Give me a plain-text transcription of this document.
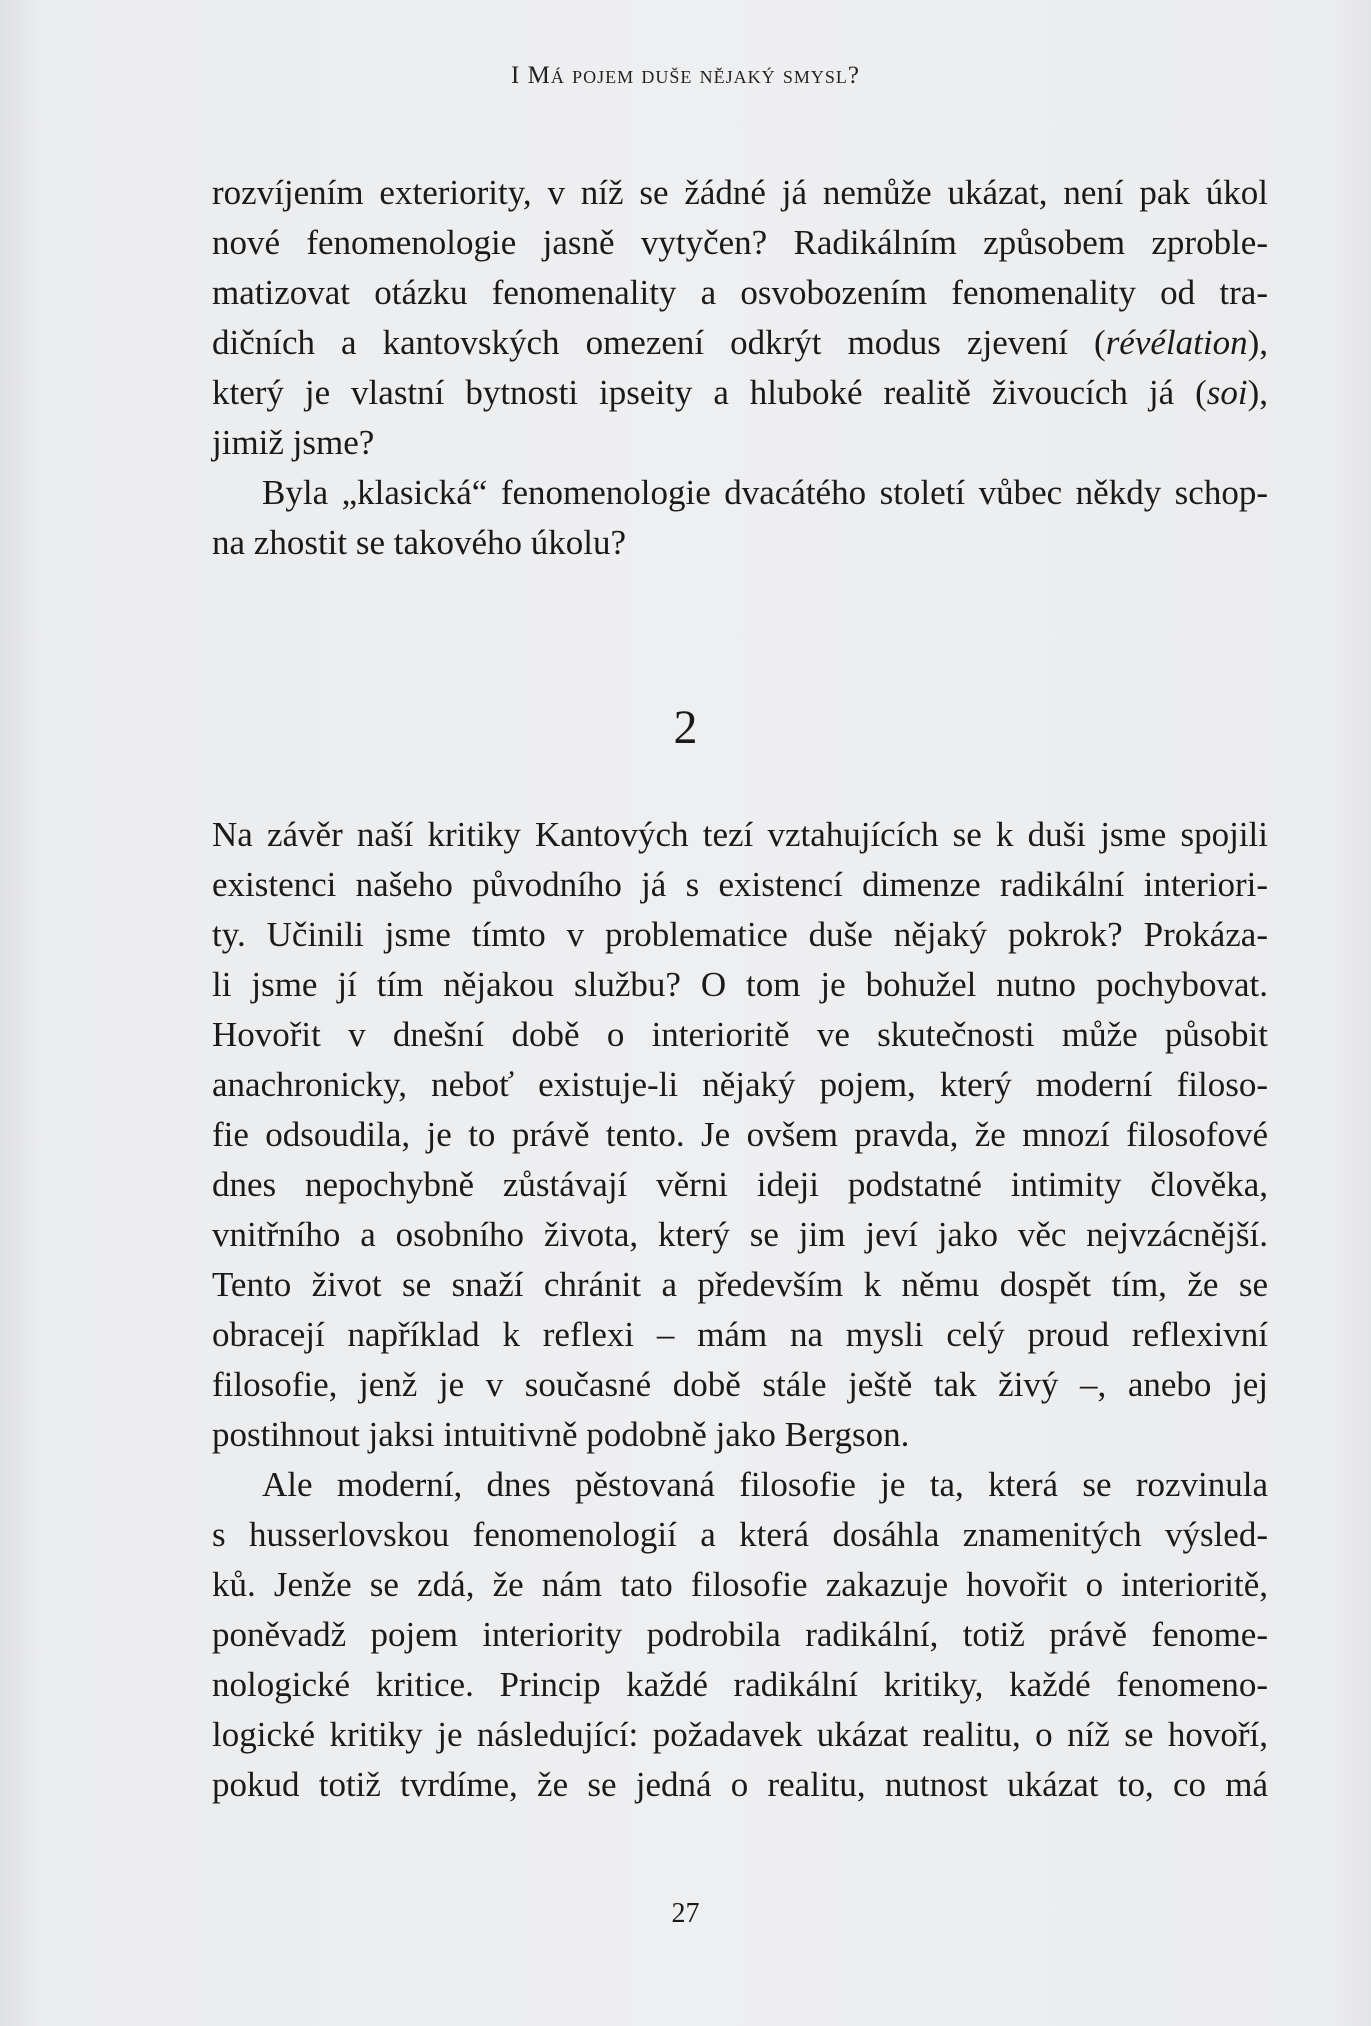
I Má pojem duše nějaký smysl?

rozvíjením exteriority, v níž se žádné já nemůže ukázat, není pak úkol

nové fenomenologie jasně vytyčen? Radikálním způsobem zproble-

matizovat otázku fenomenality a osvobozením fenomenality od tra-

dičních a kantovských omezení odkrýt modus zjevení (révélation),

který je vlastní bytnosti ipseity a hluboké realitě živoucích já (soi),

jimiž jsme?

Byla „klasická“ fenomenologie dvacátého století vůbec někdy schop-

na zhostit se takového úkolu?

2

Na závěr naší kritiky Kantových tezí vztahujících se k duši jsme spojili

existenci našeho původního já s existencí dimenze radikální interiori-

ty. Učinili jsme tímto v problematice duše nějaký pokrok? Prokáza-

li jsme jí tím nějakou službu? O tom je bohužel nutno pochybovat.

Hovořit v dnešní době o interioritě ve skutečnosti může působit

anachronicky, neboť existuje-li nějaký pojem, který moderní filoso-

fie odsoudila, je to právě tento. Je ovšem pravda, že mnozí filosofové

dnes nepochybně zůstávají věrni ideji podstatné intimity člověka,

vnitřního a osobního života, který se jim jeví jako věc nejvzácnější.

Tento život se snaží chránit a především k němu dospět tím, že se

obracejí například k reflexi – mám na mysli celý proud reflexivní

filosofie, jenž je v současné době stále ještě tak živý –, anebo jej

postihnout jaksi intuitivně podobně jako Bergson.

Ale moderní, dnes pěstovaná filosofie je ta, která se rozvinula

s husserlovskou fenomenologií a která dosáhla znamenitých výsled-

ků. Jenže se zdá, že nám tato filosofie zakazuje hovořit o interioritě,

poněvadž pojem interiority podrobila radikální, totiž právě fenome-

nologické kritice. Princip každé radikální kritiky, každé fenomeno-

logické kritiky je následující: požadavek ukázat realitu, o níž se hovoří,

pokud totiž tvrdíme, že se jedná o realitu, nutnost ukázat to, co má

27
